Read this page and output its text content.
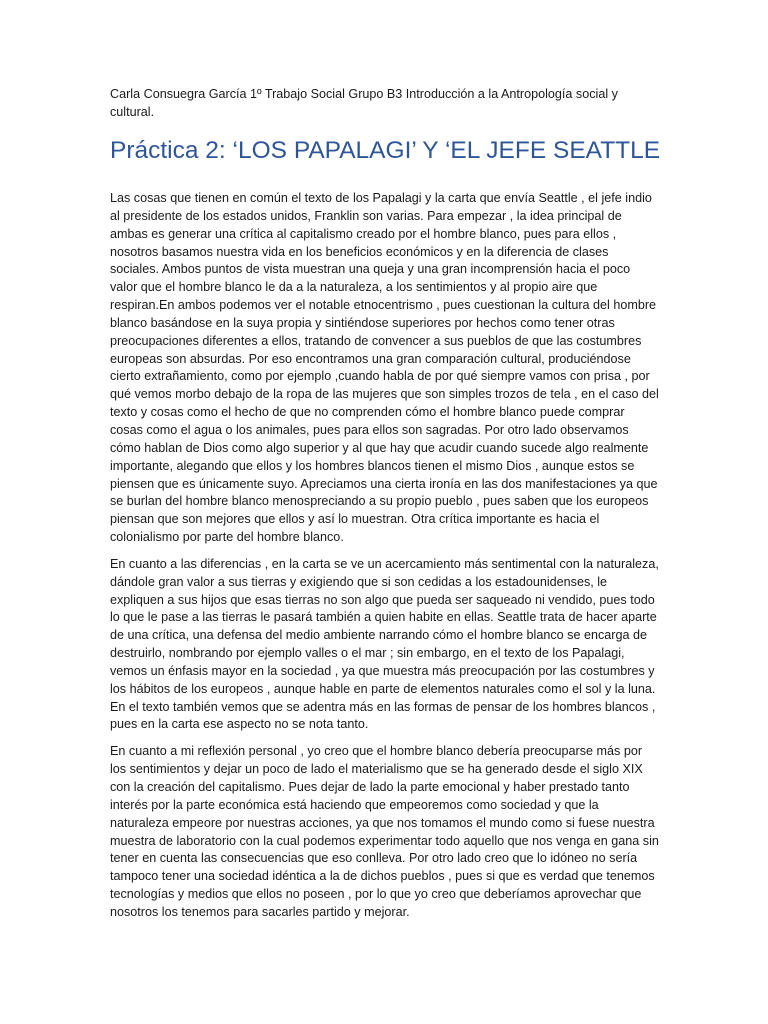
Carla Consuegra García 1º Trabajo Social Grupo B3 Introducción a la Antropología social y cultural.

Práctica 2: ‘LOS PAPALAGI’ Y ‘EL JEFE SEATTLE

Las cosas que tienen en común el texto de los Papalagi y la carta que envía Seattle , el jefe indio al presidente de los estados unidos, Franklin son varias. Para empezar , la idea principal de ambas es generar una crítica al capitalismo creado por el hombre blanco, pues para ellos , nosotros basamos nuestra vida en los beneficios económicos y en la diferencia de clases sociales. Ambos puntos de vista muestran una queja y una gran incomprensión hacia el poco valor que el hombre blanco le da a la naturaleza, a los sentimientos y al propio aire que respiran.En ambos podemos ver el notable etnocentrismo , pues cuestionan la cultura del hombre blanco basándose en la suya propia y sintiéndose superiores por hechos como tener otras preocupaciones diferentes a ellos, tratando de convencer a sus pueblos de que las costumbres europeas son absurdas. Por eso encontramos una gran comparación cultural, produciéndose cierto extrañamiento, como por ejemplo ,cuando habla de por qué siempre vamos con prisa , por qué vemos morbo debajo de la ropa de las mujeres que son simples trozos de tela , en el caso del texto y cosas como el hecho de que no comprenden cómo el hombre blanco puede comprar cosas como el agua o los animales, pues para ellos son sagradas. Por otro lado observamos cómo hablan de Dios como algo superior y al que hay que acudir cuando sucede algo realmente importante, alegando que ellos y los hombres blancos tienen el mismo Dios , aunque estos se piensen que es únicamente suyo. Apreciamos una cierta ironía en las dos manifestaciones ya que se burlan del hombre blanco menospreciando a su propio pueblo , pues saben que los europeos piensan que son mejores que ellos y así lo muestran. Otra crítica importante es hacia el colonialismo por parte del hombre blanco.

En cuanto a las diferencias , en la carta se ve un acercamiento más sentimental con la naturaleza, dándole gran valor a sus tierras y exigiendo que si son cedidas a los estadounidenses, le expliquen a sus hijos que esas tierras no son algo que pueda ser saqueado ni vendido, pues todo lo que le pase a las tierras le pasará también a quien habite en ellas. Seattle trata de hacer aparte de una crítica, una defensa del medio ambiente narrando cómo el hombre blanco se encarga de destruirlo, nombrando por ejemplo valles o el mar ; sin embargo, en el texto de los Papalagi, vemos un énfasis mayor en la sociedad , ya que muestra más preocupación por las costumbres y los hábitos de los europeos , aunque hable en parte de elementos naturales como el sol y la luna. En el texto también vemos que se adentra más en las formas de pensar de los hombres blancos , pues en la carta ese aspecto no se nota tanto.

En cuanto a mi reflexión personal , yo creo que el hombre blanco debería preocuparse más por los sentimientos y dejar un poco de lado el materialismo que se ha generado desde el siglo XIX con la creación del capitalismo. Pues dejar de lado la parte emocional y haber prestado tanto interés por la parte económica está haciendo que empeoremos como sociedad y que la naturaleza empeore por nuestras acciones, ya que nos tomamos el mundo como si fuese nuestra muestra de laboratorio con la cual podemos experimentar todo aquello que nos venga en gana sin tener en cuenta las consecuencias que eso conlleva. Por otro lado creo que lo idóneo no sería tampoco tener una sociedad idéntica a la de dichos pueblos , pues si que es verdad que tenemos tecnologías y medios que ellos no poseen , por lo que yo creo que deberíamos aprovechar que nosotros los tenemos para sacarles partido y mejorar.
